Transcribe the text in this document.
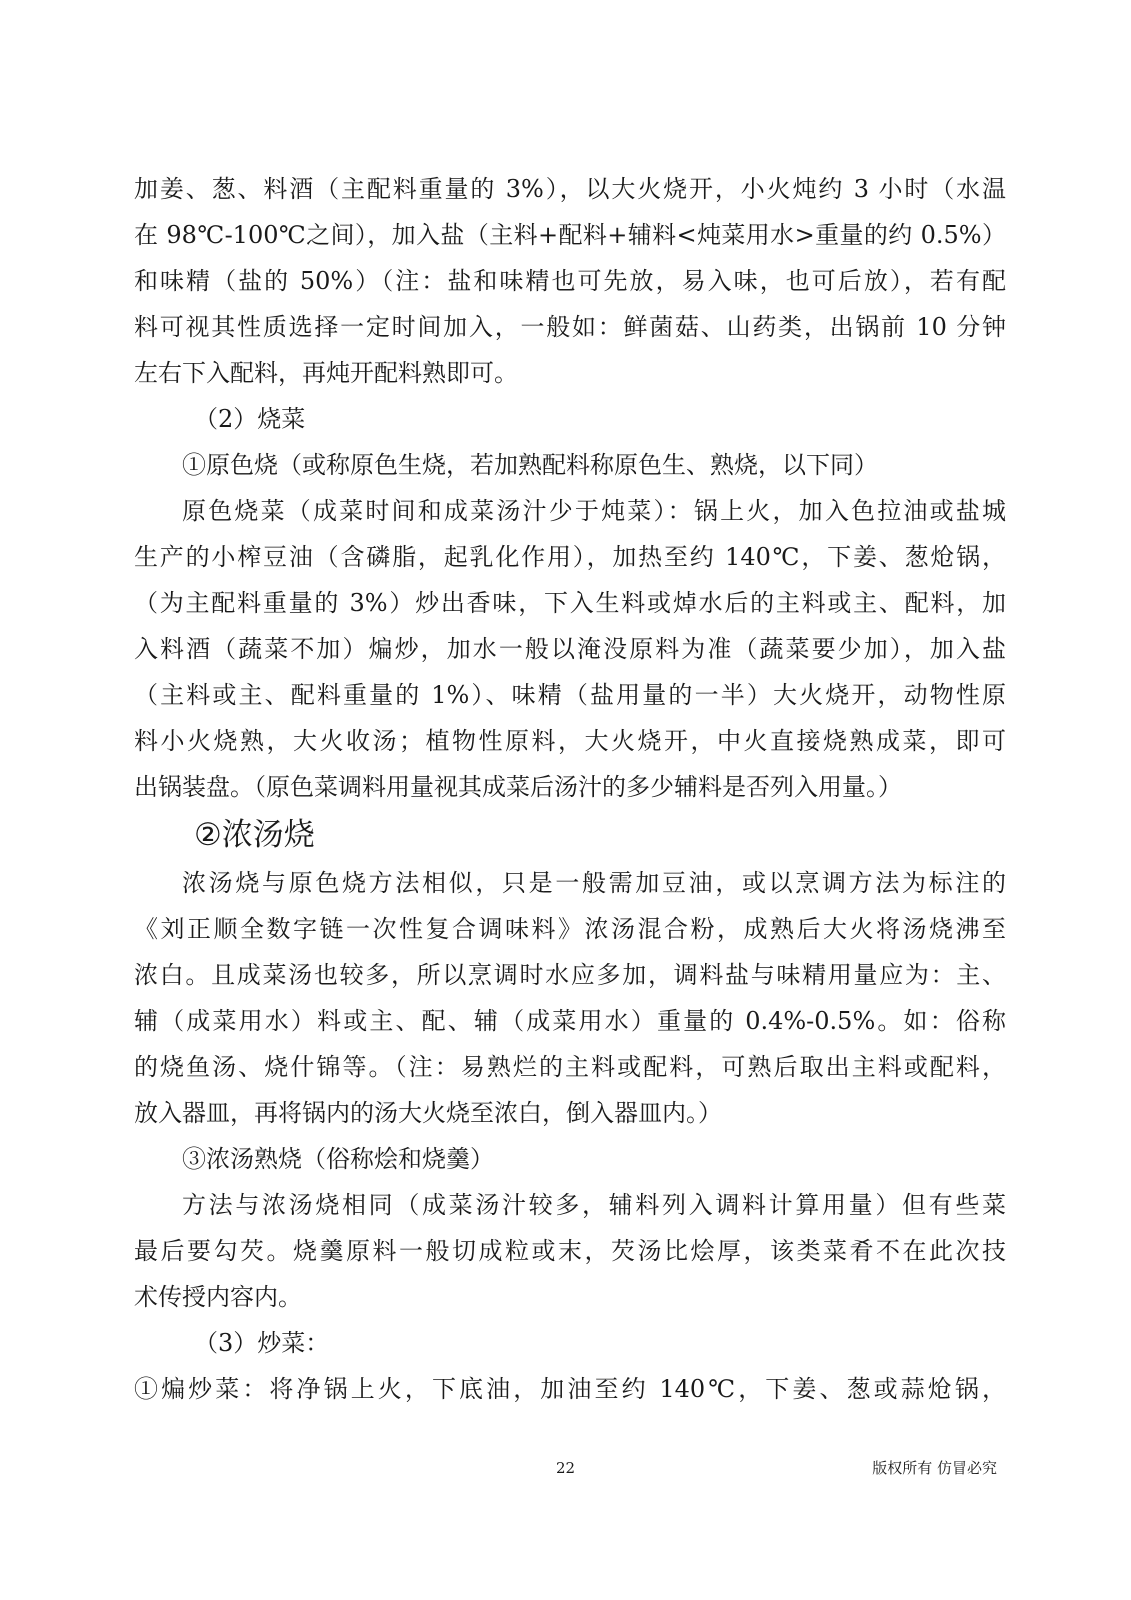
加姜、葱、料酒（主配料重量的 3%），以大火烧开，小火炖约 3 小时（水温
在 98℃-100℃之间），加入盐（主料+配料+辅料<炖菜用水>重量的约 0.5%）
和味精（盐的 50%）（注：盐和味精也可先放，易入味，也可后放），若有配
料可视其性质选择一定时间加入，一般如：鲜菌菇、山药类，出锅前 10 分钟
左右下入配料，再炖开配料熟即可。
（2）烧菜
①原色烧（或称原色生烧，若加熟配料称原色生、熟烧，以下同）
原色烧菜（成菜时间和成菜汤汁少于炖菜）：锅上火，加入色拉油或盐城
生产的小榨豆油（含磷脂，起乳化作用），加热至约 140℃，下姜、葱炝锅，
（为主配料重量的 3%）炒出香味，下入生料或焯水后的主料或主、配料，加
入料酒（蔬菜不加）煸炒，加水一般以淹没原料为准（蔬菜要少加），加入盐
（主料或主、配料重量的 1%）、味精（盐用量的一半）大火烧开，动物性原
料小火烧熟，大火收汤；植物性原料，大火烧开，中火直接烧熟成菜，即可
出锅装盘。（原色菜调料用量视其成菜后汤汁的多少辅料是否列入用量。）
②浓汤烧
浓汤烧与原色烧方法相似，只是一般需加豆油，或以烹调方法为标注的
《刘正顺全数字链一次性复合调味料》浓汤混合粉，成熟后大火将汤烧沸至
浓白。且成菜汤也较多，所以烹调时水应多加，调料盐与味精用量应为：主、
辅（成菜用水）料或主、配、辅（成菜用水）重量的 0.4%-0.5%。如：俗称
的烧鱼汤、烧什锦等。（注：易熟烂的主料或配料，可熟后取出主料或配料，
放入器皿，再将锅内的汤大火烧至浓白，倒入器皿内。）
③浓汤熟烧（俗称烩和烧羹）
方法与浓汤烧相同（成菜汤汁较多，辅料列入调料计算用量）但有些菜
最后要勾芡。烧羹原料一般切成粒或末，芡汤比烩厚，该类菜肴不在此次技
术传授内容内。
（3）炒菜：
①煸炒菜：将净锅上火，下底油，加油至约 140℃，下姜、葱或蒜炝锅，
22	版权所有 仿冒必究
